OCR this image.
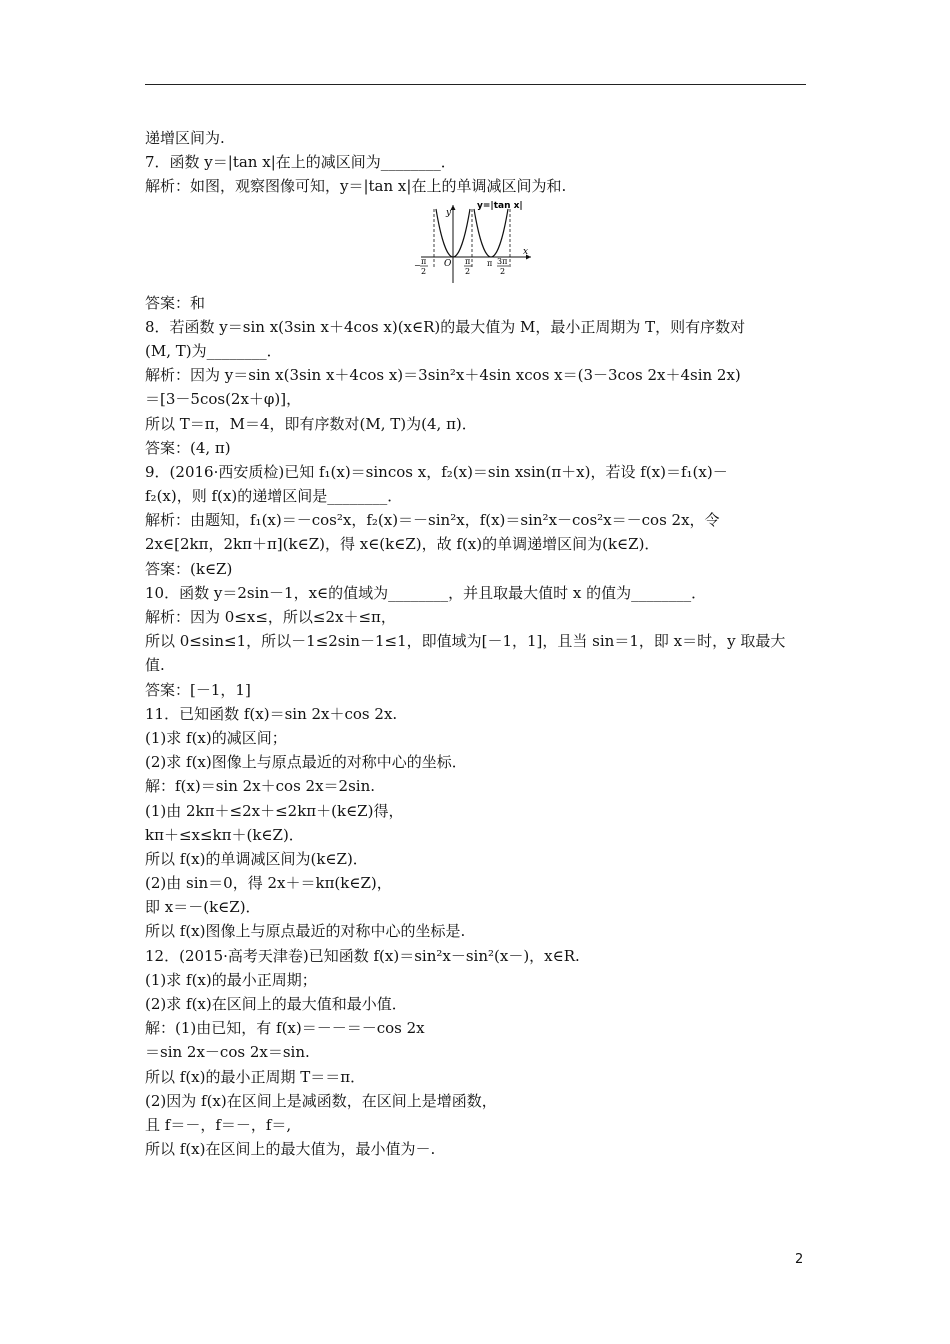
递增区间为.
7．函数 y＝|tan x|在上的减区间为________．
解析：如图，观察图像可知，y＝|tan x|在上的单调减区间为和.
y=|tan x|
y
x
O
− π
2
π
2
π 3π
2
答案：和
8．若函数 y＝sin x(3sin x＋4cos x)(x∈R)的最大值为 M，最小正周期为 T，则有序数对
(M, T)为________．
解析：因为 y＝sin x(3sin x＋4cos x)＝3sin²x＋4sin xcos x＝(3－3cos 2x＋4sin 2x)
＝[3－5cos(2x＋φ)]，
所以 T＝π，M＝4，即有序数对(M, T)为(4, π)．
答案：(4, π)
9．(2016·西安质检)已知 f₁(x)＝sincos x，f₂(x)＝sin xsin(π＋x)，若设 f(x)＝f₁(x)－
f₂(x)，则 f(x)的递增区间是________．
解析：由题知，f₁(x)＝－cos²x，f₂(x)＝－sin²x，f(x)＝sin²x－cos²x＝－cos 2x，令
2x∈[2kπ，2kπ＋π](k∈Z)，得 x∈(k∈Z)，故 f(x)的单调递增区间为(k∈Z)．
答案：(k∈Z)
10．函数 y＝2sin－1，x∈的值域为________，并且取最大值时 x 的值为________．
解析：因为 0≤x≤，所以≤2x＋≤π，
所以 0≤sin≤1，所以－1≤2sin－1≤1，即值域为[－1，1]，且当 sin＝1，即 x＝时，y 取最大
值.
答案：[－1，1]
11．已知函数 f(x)＝sin 2x＋cos 2x.
(1)求 f(x)的减区间；
(2)求 f(x)图像上与原点最近的对称中心的坐标．
解：f(x)＝sin 2x＋cos 2x＝2sin.
(1)由 2kπ＋≤2x＋≤2kπ＋(k∈Z)得，
kπ＋≤x≤kπ＋(k∈Z)．
所以 f(x)的单调减区间为(k∈Z)．
(2)由 sin＝0，得 2x＋＝kπ(k∈Z)，
即 x＝－(k∈Z)．
所以 f(x)图像上与原点最近的对称中心的坐标是.
12．(2015·高考天津卷)已知函数 f(x)＝sin²x－sin²(x－)，x∈R.
(1)求 f(x)的最小正周期；
(2)求 f(x)在区间上的最大值和最小值．
解：(1)由已知，有 f(x)＝－－＝－cos 2x
＝sin 2x－cos 2x＝sin.
所以 f(x)的最小正周期 T＝＝π．
(2)因为 f(x)在区间上是减函数，在区间上是增函数，
且 f＝－，f＝－，f＝,
所以 f(x)在区间上的最大值为，最小值为－.
2
